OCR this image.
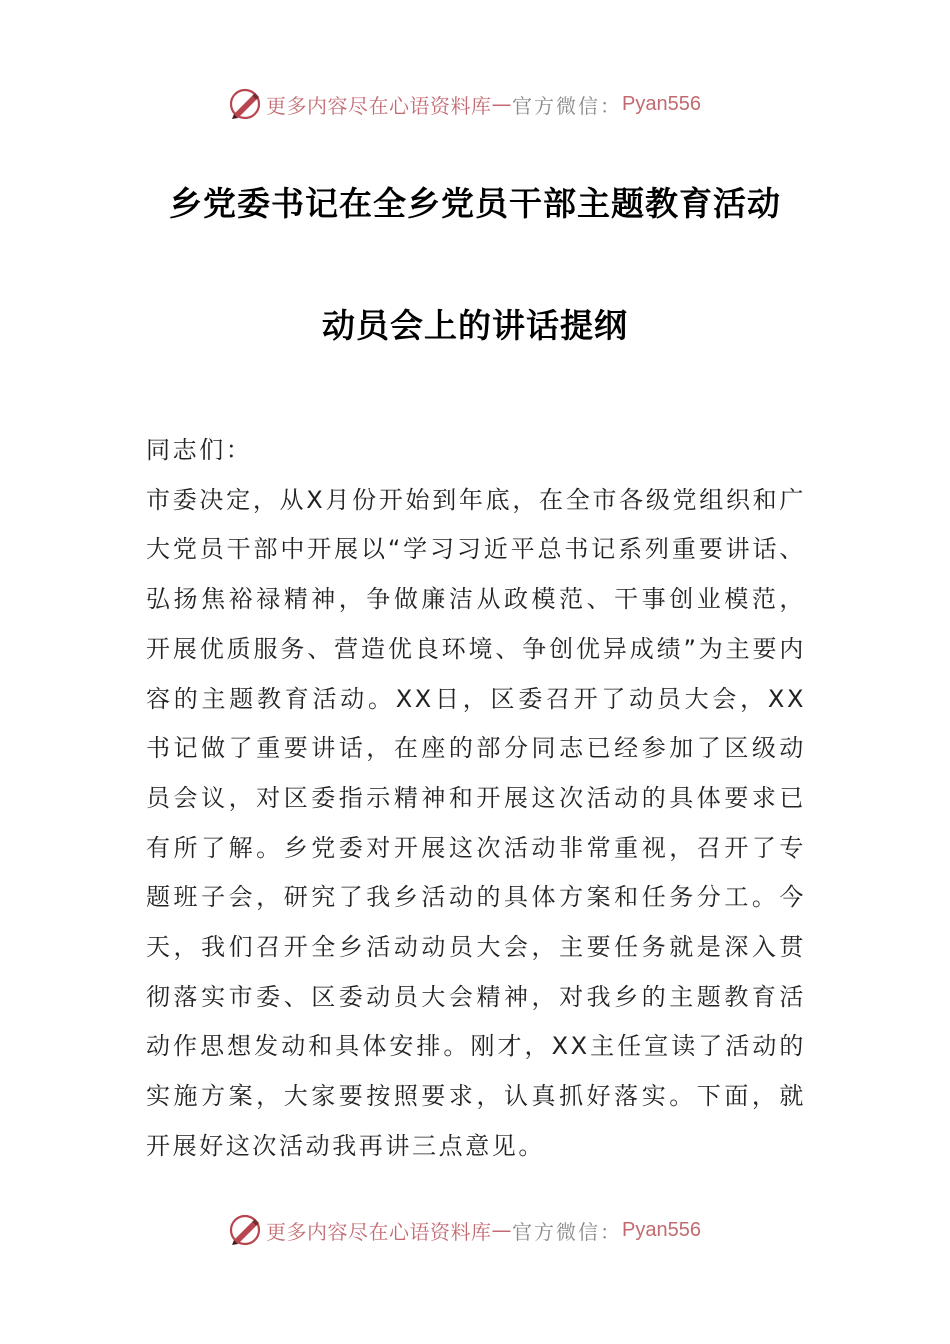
更多内容尽在心语资料库 — 官方微信： Pyan556
乡党委书记在全乡党员干部主题教育活动
动员会上的讲话提纲

同志们：

市委决定，从X月份开始到年底，在全市各级党组织和广大党员干部中开展以“学习习近平总书记系列重要讲话、弘扬焦裕禄精神，争做廉洁从政模范、干事创业模范，开展优质服务、营造优良环境、争创优异成绩”为主要内容的主题教育活动。XX日，区委召开了动员大会，XX书记做了重要讲话，在座的部分同志已经参加了区级动员会议，对区委指示精神和开展这次活动的具体要求已有所了解。乡党委对开展这次活动非常重视，召开了专题班子会，研究了我乡活动的具体方案和任务分工。今天，我们召开全乡活动动员大会，主要任务就是深入贯彻落实市委、区委动员大会精神，对我乡的主题教育活动作思想发动和具体安排。刚才，XX主任宣读了活动的实施方案，大家要按照要求，认真抓好落实。下面，就开展好这次活动我再讲三点意见。

更多内容尽在心语资料库 — 官方微信： Pyan556
